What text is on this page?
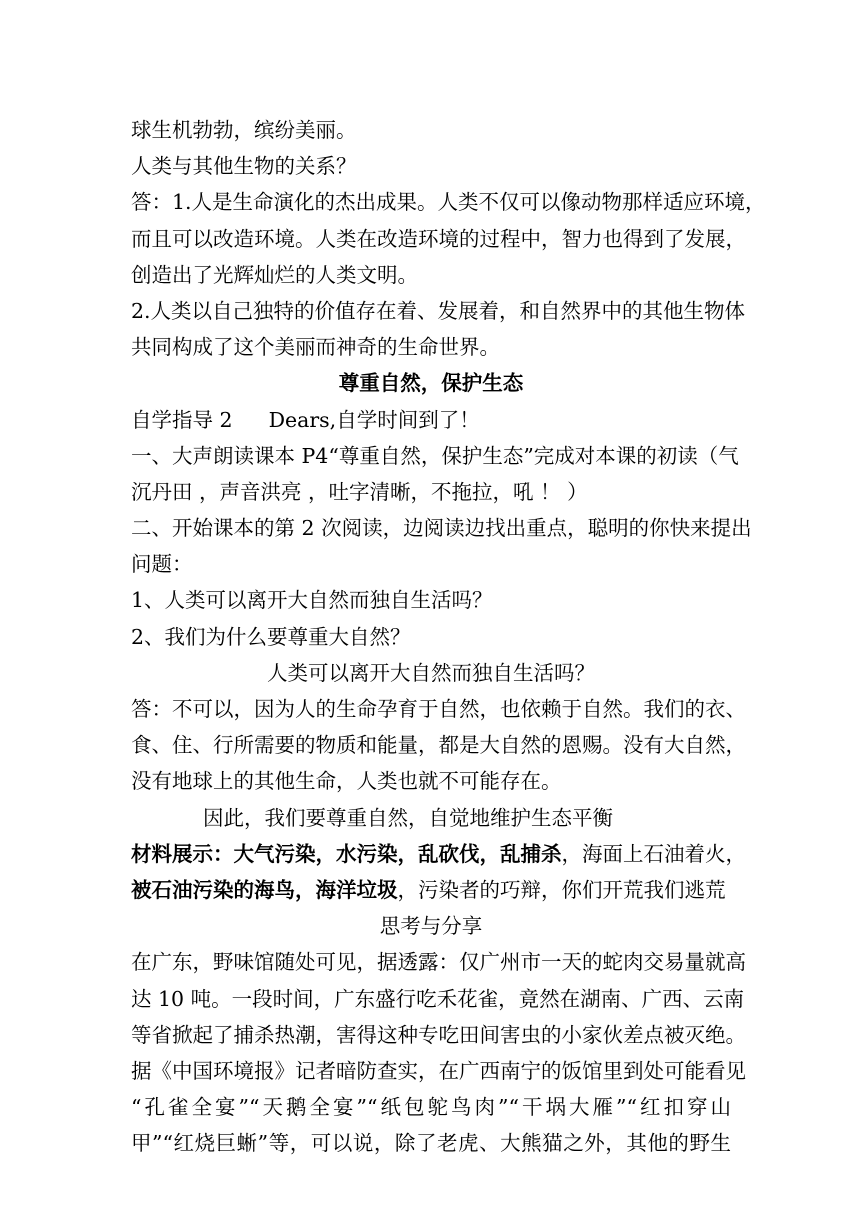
球生机勃勃，缤纷美丽。

人类与其他生物的关系？

答：1.人是生命演化的杰出成果。人类不仅可以像动物那样适应环境，

而且可以改造环境。人类在改造环境的过程中，智力也得到了发展，

创造出了光辉灿烂的人类文明。

2.人类以自己独特的价值存在着、发展着，和自然界中的其他生物体

共同构成了这个美丽而神奇的生命世界。

尊重自然，保护生态

自学指导 2 Dears,自学时间到了！

一、大声朗读课本 P4“尊重自然，保护生态”完成对本课的初读（气

沉丹田 ，声音洪亮 ，吐字清晰，不拖拉，吼 ！ ）

二、开始课本的第 2 次阅读，边阅读边找出重点，聪明的你快来提出

问题：

1、人类可以离开大自然而独自生活吗？

2、我们为什么要尊重大自然？

人类可以离开大自然而独自生活吗？

答：不可以，因为人的生命孕育于自然，也依赖于自然。我们的衣、

食、住、行所需要的物质和能量，都是大自然的恩赐。没有大自然，

没有地球上的其他生命，人类也就不可能存在。

因此，我们要尊重自然，自觉地维护生态平衡

材料展示：大气污染，水污染，乱砍伐，乱捕杀，海面上石油着火，

被石油污染的海鸟，海洋垃圾，污染者的巧辩，你们开荒我们逃荒

思考与分享

在广东，野味馆随处可见，据透露：仅广州市一天的蛇肉交易量就高

达 10 吨。一段时间，广东盛行吃禾花雀，竟然在湖南、广西、云南

等省掀起了捕杀热潮，害得这种专吃田间害虫的小家伙差点被灭绝。

据《中国环境报》记者暗防查实，在广西南宁的饭馆里到处可能看见

“孔雀全宴”“天鹅全宴”“纸包鸵鸟肉”“干埚大雁”“红扣穿山

甲”“红烧巨蜥”等，可以说，除了老虎、大熊猫之外，其他的野生
